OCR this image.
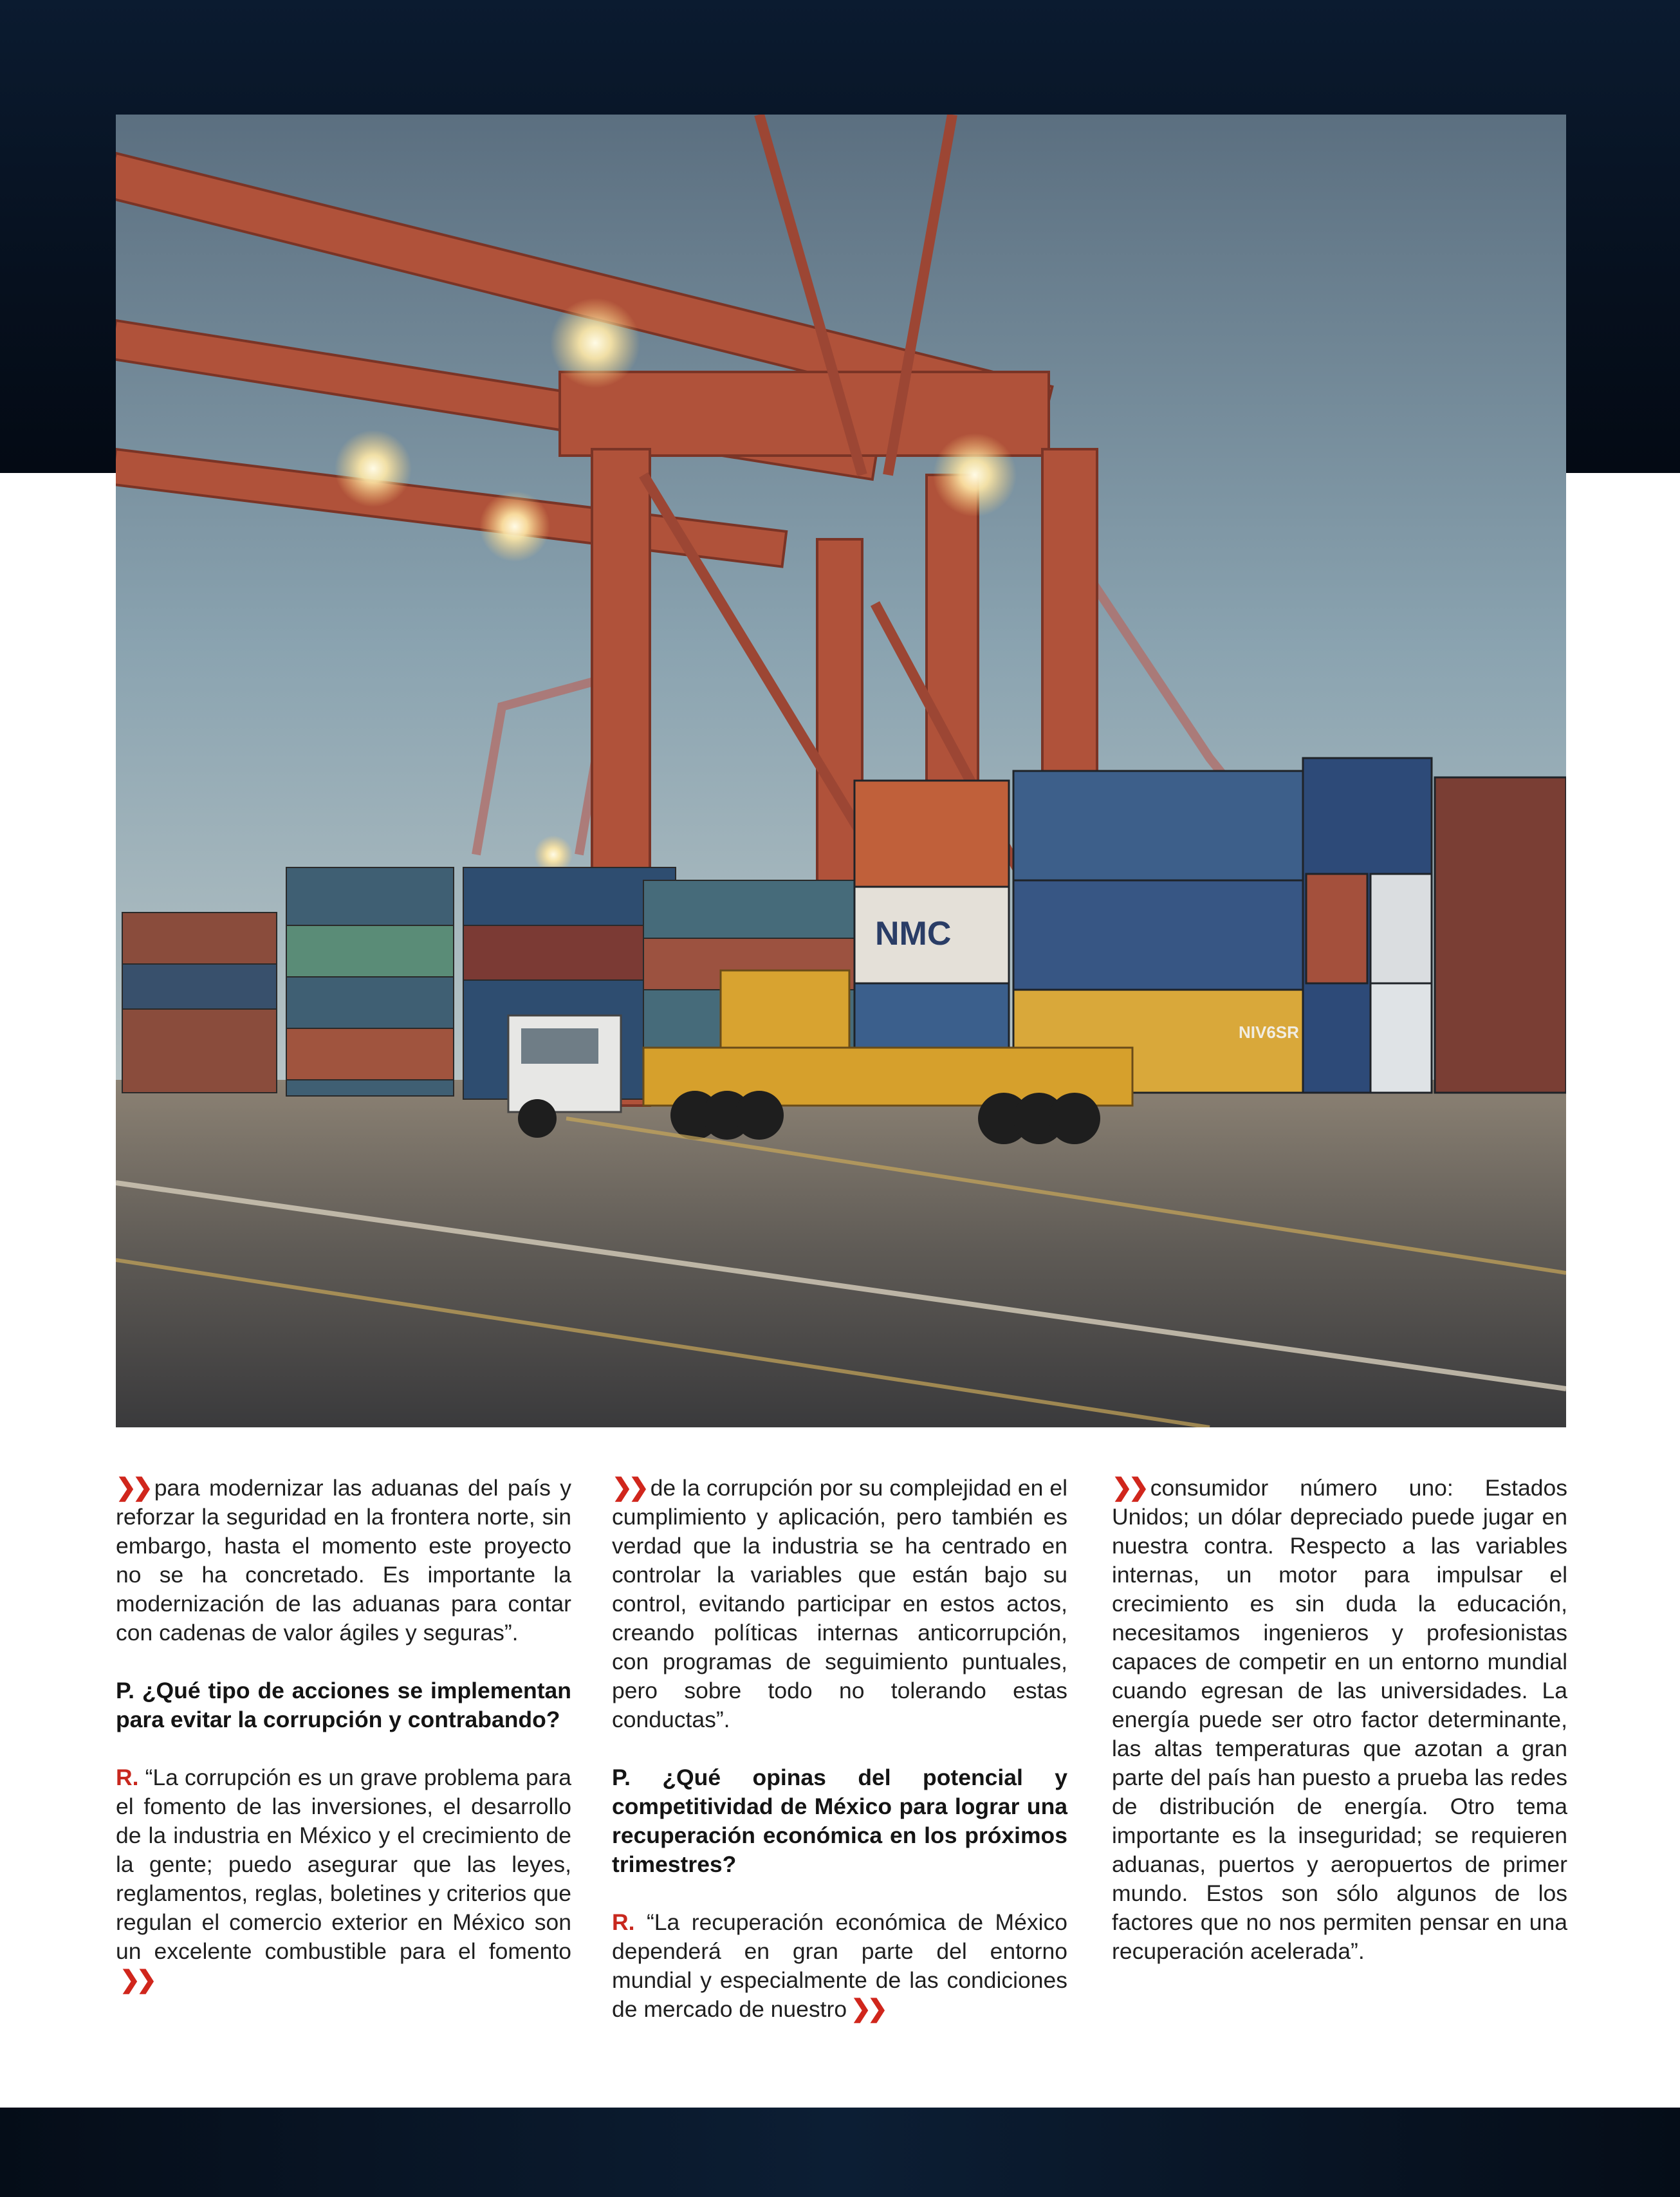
NMC
NIV6SR

❯❯ para modernizar las aduanas del país y reforzar la seguridad en la frontera norte, sin embargo, hasta el momento este proyecto no se ha concretado. Es importante la modernización de las aduanas para contar con cadenas de valor ágiles y seguras”.

P. ¿Qué tipo de acciones se implementan para evitar la corrupción y contrabando?

R. “La corrupción es un grave problema para el fomento de las inversiones, el desarrollo de la industria en México y el crecimiento de la gente; puedo asegurar que las leyes, reglamentos, reglas, boletines y criterios que regulan el comercio exterior en México son un excelente combustible para el fomento❯❯

❯❯ de la corrupción por su complejidad en el cumplimiento y aplicación, pero también es verdad que la industria se ha centrado en controlar la variables que están bajo su control, evitando participar en estos actos, creando políticas internas anticorrupción, con programas de seguimiento puntuales, pero sobre todo no tolerando estas conductas”.

P. ¿Qué opinas del potencial y competitividad de México para lograr una recuperación económica en los próximos trimestres?

R. “La recuperación económica de México dependerá en gran parte del entorno mundial y especialmente de las condiciones de mercado de nuestro ❯❯

❯❯ consumidor número uno: Estados Unidos; un dólar depreciado puede jugar en nuestra contra. Respecto a las variables internas, un motor para impulsar el crecimiento es sin duda la educación, necesitamos ingenieros y profesionistas capaces de competir en un entorno mundial cuando egresan de las universidades. La energía puede ser otro factor determinante, las altas temperaturas que azotan a gran parte del país han puesto a prueba las redes de distribución de energía. Otro tema importante es la inseguridad; se requieren aduanas, puertos y aeropuertos de primer mundo. Estos son sólo algunos de los factores que no nos permiten pensar en una recuperación acelerada”.
